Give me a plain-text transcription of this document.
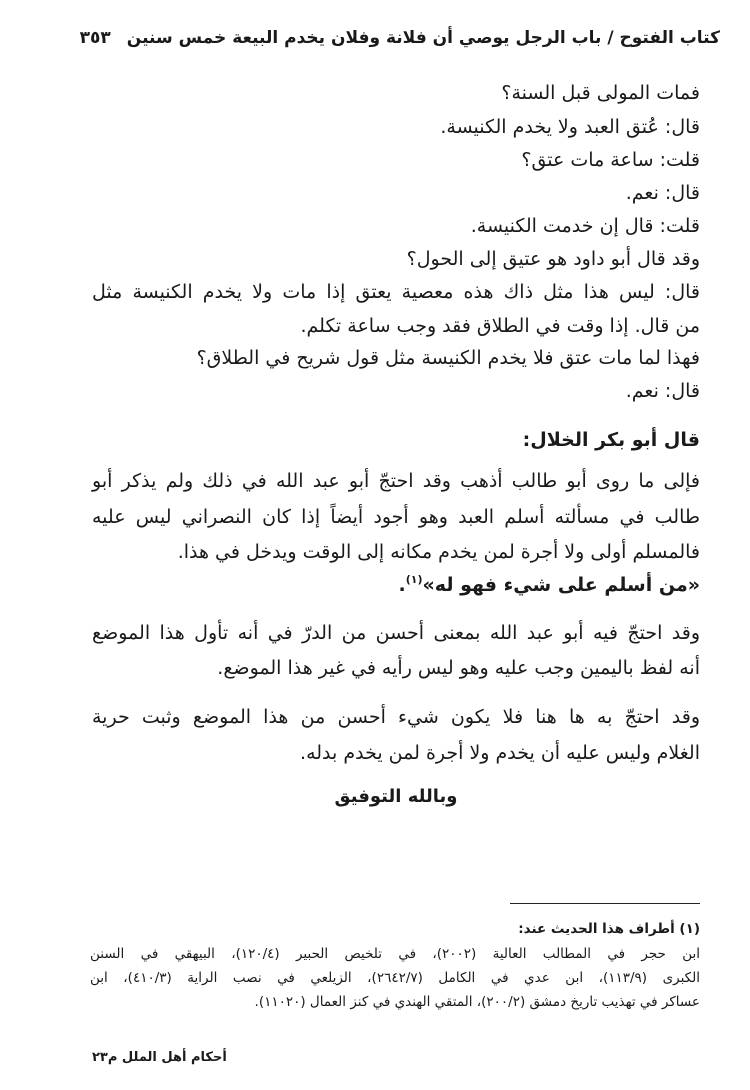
كتاب الفتوح / باب الرجل يوصي أن فلانة وفلان يخدم البيعة خمس سنين
٣٥٣
فمات المولى قبل السنة؟
قال: عُتق العبد ولا يخدم الكنيسة.
قلت: ساعة مات عتق؟
قال: نعم.
قلت: قال إن خدمت الكنيسة.
وقد قال أبو داود هو عتيق إلى الحول؟
قال: ليس هذا مثل ذاك هذه معصية يعتق إذا مات ولا يخدم الكنيسة مثل
من قال. إذا وقت في الطلاق فقد وجب ساعة تكلم.
فهذا لما مات عتق فلا يخدم الكنيسة مثل قول شريح في الطلاق؟
قال: نعم.
قال أبو بكر الخلال:
فإلى ما روى أبو طالب أذهب وقد احتجّ أبو عبد الله في ذلك ولم يذكر أبو
طالب في مسألته أسلم العبد وهو أجود أيضاً إذا كان النصراني ليس عليه
فالمسلم أولى ولا أجرة لمن يخدم مكانه إلى الوقت ويدخل في هذا.
«من أسلم على شيء فهو له»$^{(١)}$.
وقد احتجّ فيه أبو عبد الله بمعنى أحسن من الدرّ في أنه تأول هذا الموضع
أنه لفظ باليمين وجب عليه وهو ليس رأيه في غير هذا الموضع.
وقد احتجّ به ها هنا فلا يكون شيء أحسن من هذا الموضع وثبت حرية
الغلام وليس عليه أن يخدم ولا أجرة لمن يخدم بدله.
وبالله التوفيق
(١) أطراف هذا الحديث عند:
ابن حجر في المطالب العالية (٢٠٠٢)، في تلخيص الحبير (١٢٠/٤)، البيهقي في السنن
الكبرى (١١٣/٩)، ابن عدي في الكامل (٢٦٤٢/٧)، الزيلعي في نصب الراية (٤١٠/٣)، ابن
عساكر في تهذيب تاريخ دمشق (٢٠٠/٢)، المتقي الهندي في كنز العمال (١١٠٢٠).
أحكام أهل الملل م٢٣
